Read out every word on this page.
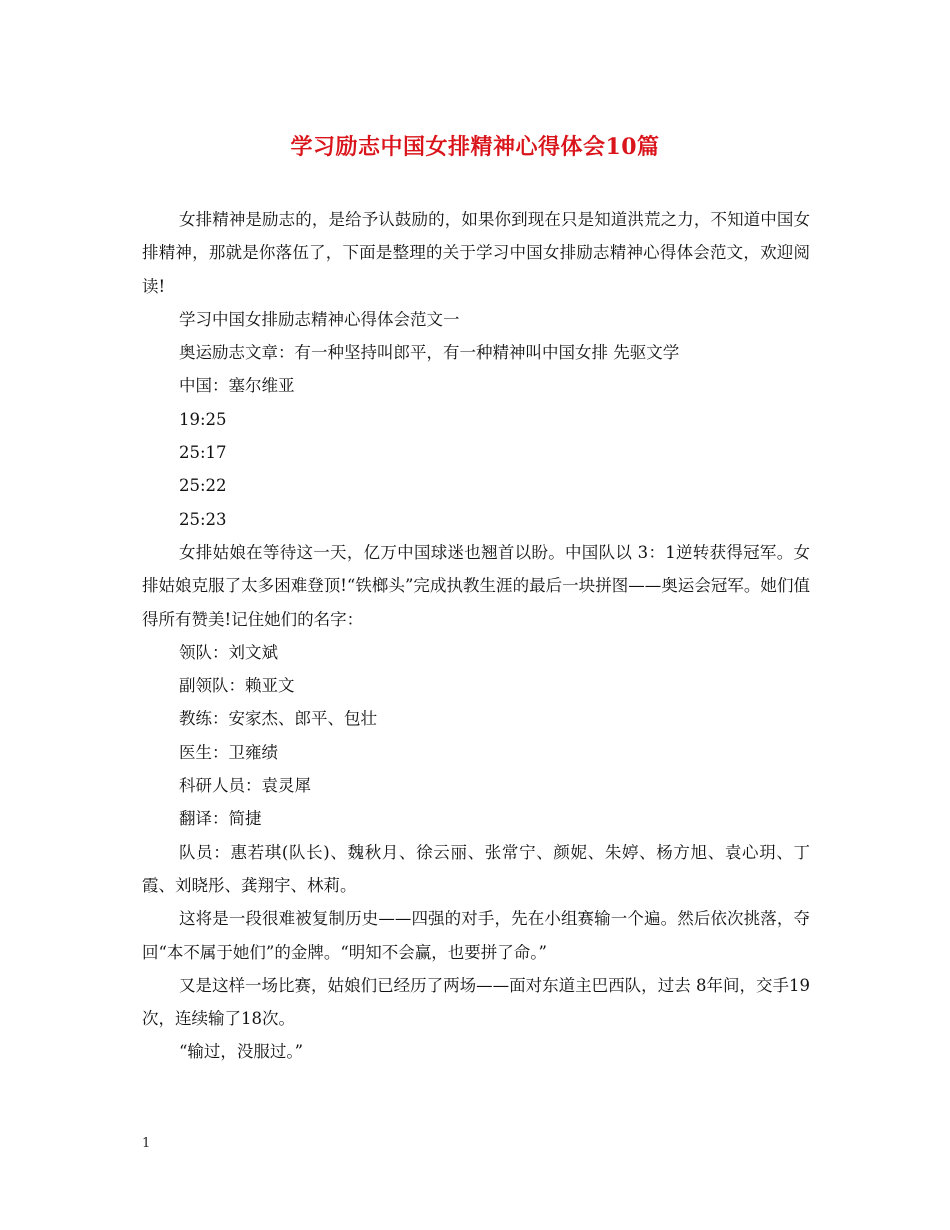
学习励志中国女排精神心得体会10篇

女排精神是励志的，是给予认鼓励的，如果你到现在只是知道洪荒之力，不知道中国女排精神，那就是你落伍了，下面是整理的关于学习中国女排励志精神心得体会范文，欢迎阅读!

学习中国女排励志精神心得体会范文一

奥运励志文章：有一种坚持叫郎平，有一种精神叫中国女排 先驱文学

中国：塞尔维亚

19:25

25:17

25:22

25:23

女排姑娘在等待这一天，亿万中国球迷也翘首以盼。中国队以 3：1逆转获得冠军。女排姑娘克服了太多困难登顶!“铁榔头”完成执教生涯的最后一块拼图——奥运会冠军。她们值得所有赞美!记住她们的名字：

领队：刘文斌

副领队：赖亚文

教练：安家杰、郎平、包壮

医生：卫雍绩

科研人员：袁灵犀

翻译：简捷

队员：惠若琪(队长)、魏秋月、徐云丽、张常宁、颜妮、朱婷、杨方旭、袁心玥、丁霞、刘晓彤、龚翔宇、林莉。

这将是一段很难被复制历史——四强的对手，先在小组赛输一个遍。然后依次挑落，夺回“本不属于她们”的金牌。“明知不会赢，也要拼了命。”

又是这样一场比赛，姑娘们已经历了两场——面对东道主巴西队，过去 8年间，交手19次，连续输了18次。

“输过，没服过。”

1
